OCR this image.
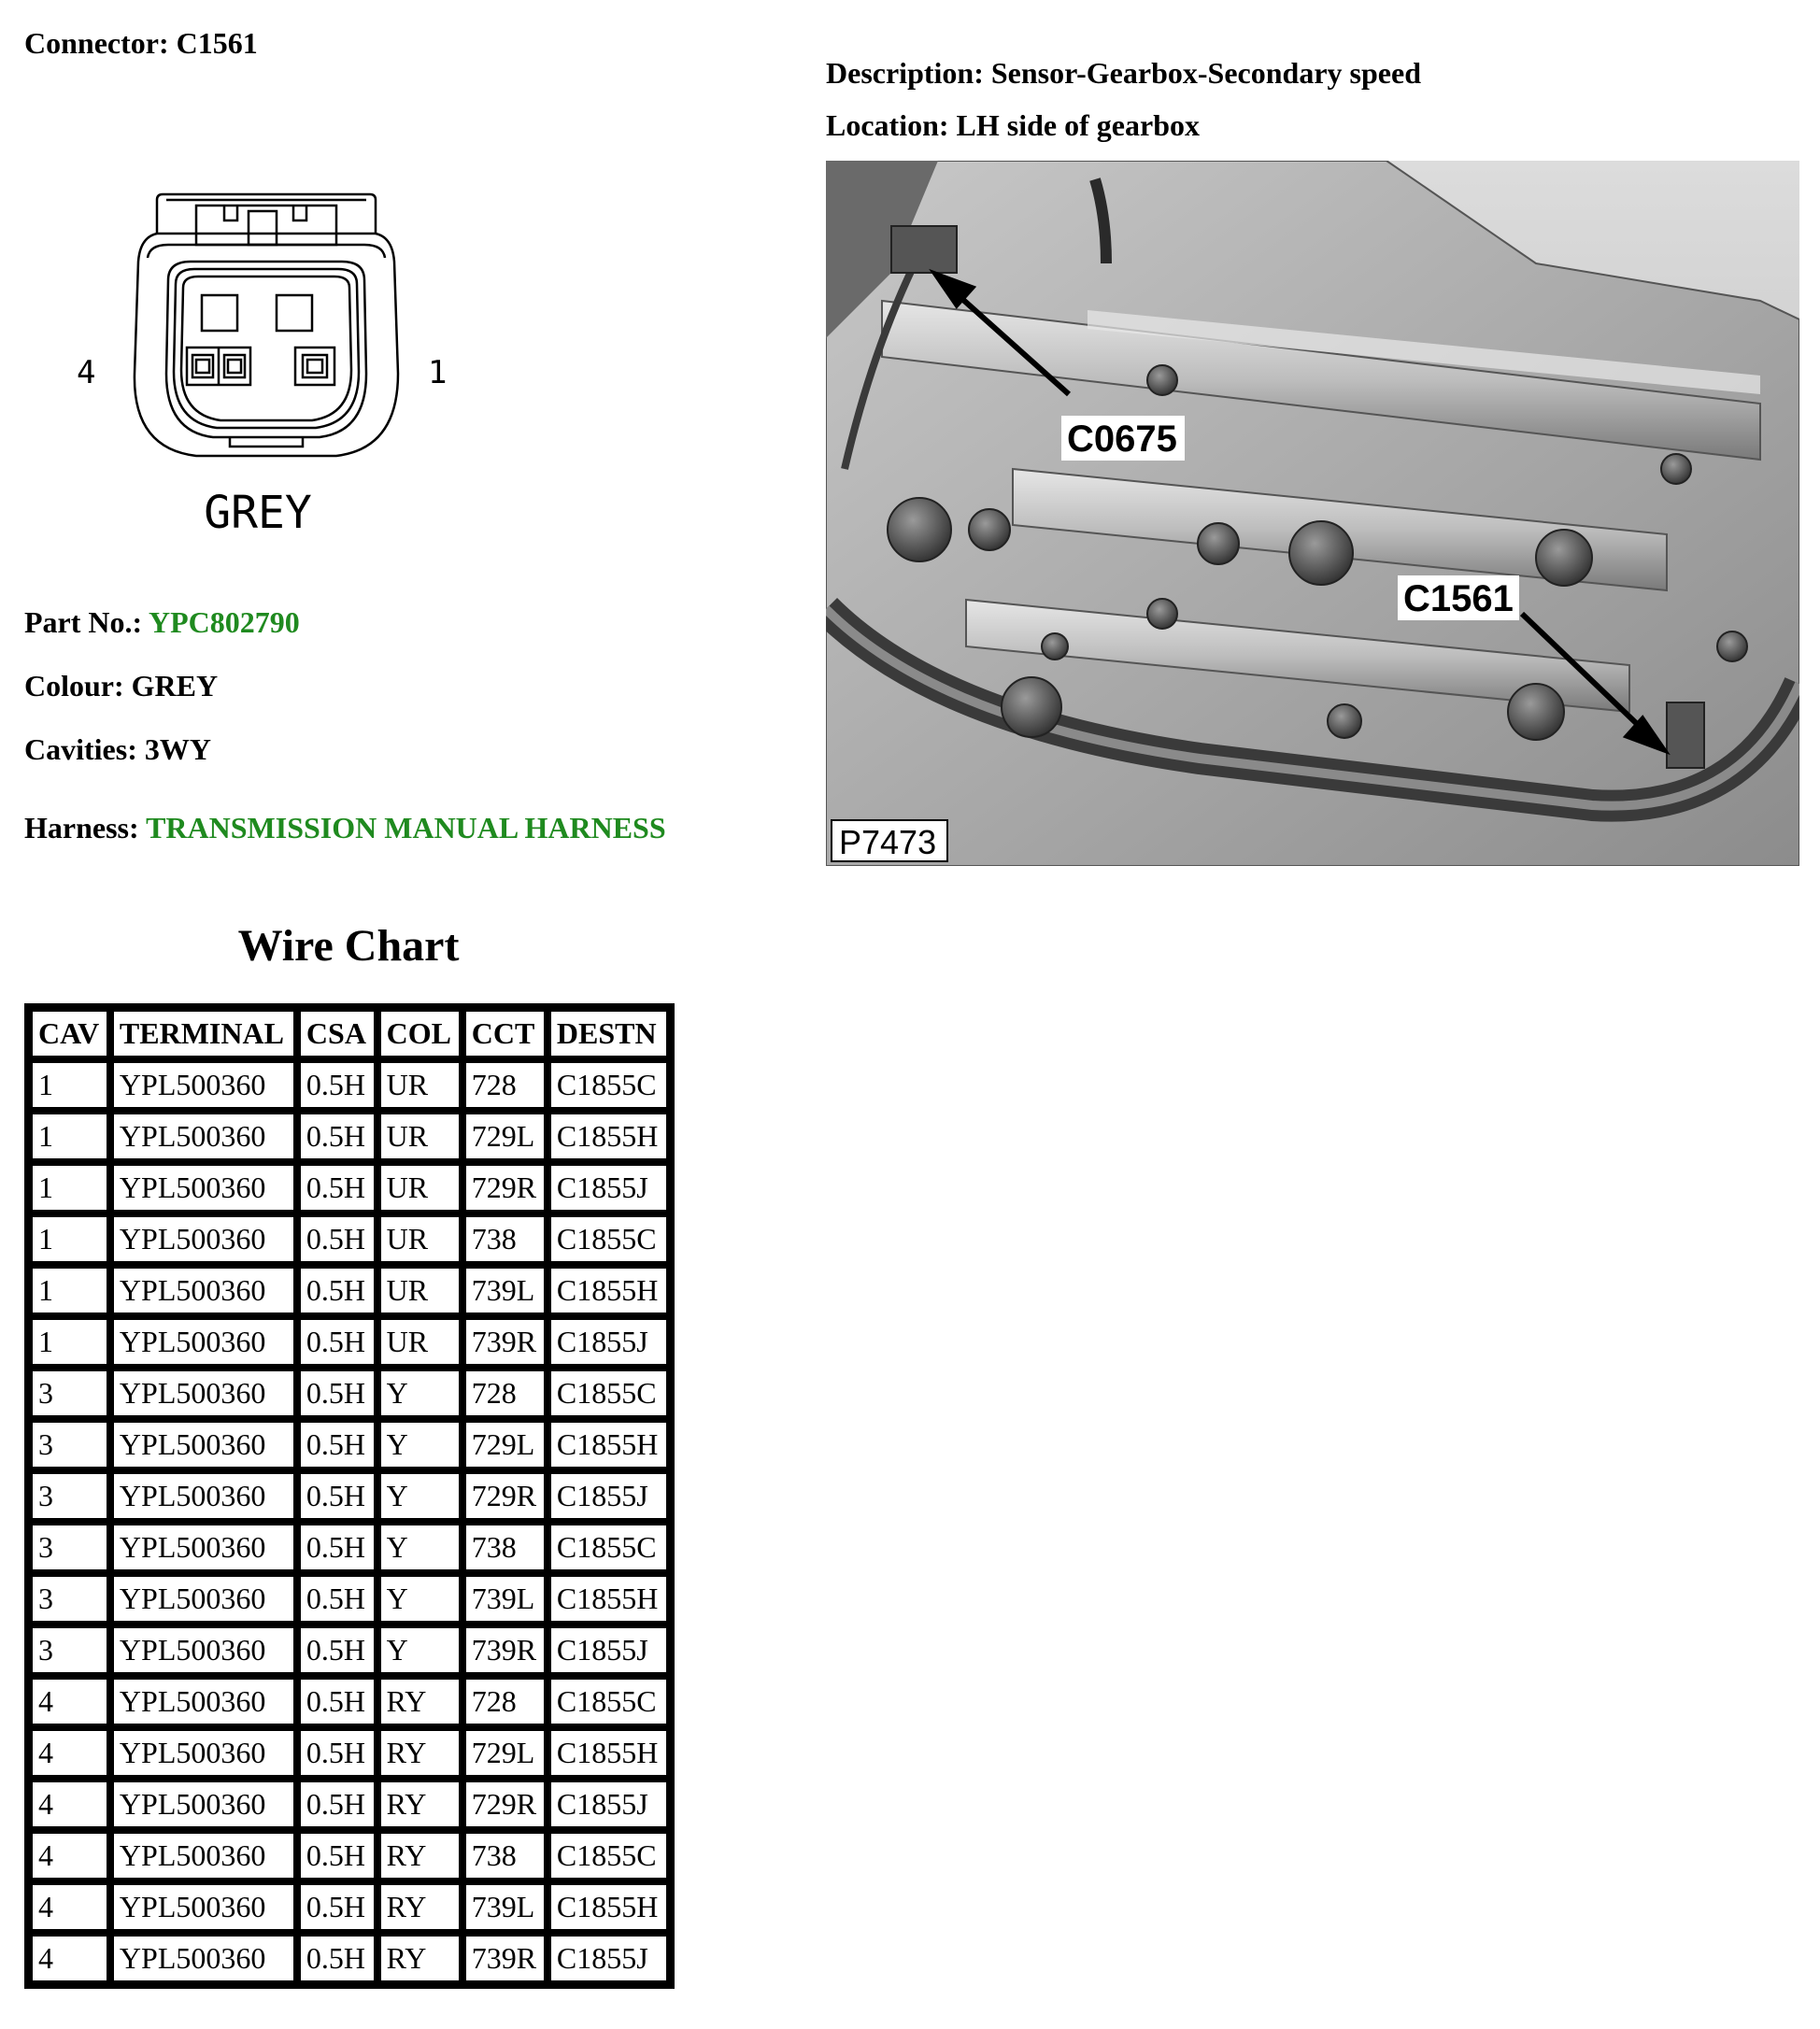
Connector: C1561
Description: Sensor-Gearbox-Secondary speed
Location: LH side of gearbox
4	1
GREY
C0675
C1561
P7473
Part No.: YPC802790
Colour: GREY
Cavities: 3WY
Harness: TRANSMISSION MANUAL HARNESS
Wire Chart
CAV	TERMINAL	CSA	COL	CCT	DESTN
1	YPL500360	0.5H	UR	728	C1855C
1	YPL500360	0.5H	UR	729L	C1855H
1	YPL500360	0.5H	UR	729R	C1855J
1	YPL500360	0.5H	UR	738	C1855C
1	YPL500360	0.5H	UR	739L	C1855H
1	YPL500360	0.5H	UR	739R	C1855J
3	YPL500360	0.5H	Y	728	C1855C
3	YPL500360	0.5H	Y	729L	C1855H
3	YPL500360	0.5H	Y	729R	C1855J
3	YPL500360	0.5H	Y	738	C1855C
3	YPL500360	0.5H	Y	739L	C1855H
3	YPL500360	0.5H	Y	739R	C1855J
4	YPL500360	0.5H	RY	728	C1855C
4	YPL500360	0.5H	RY	729L	C1855H
4	YPL500360	0.5H	RY	729R	C1855J
4	YPL500360	0.5H	RY	738	C1855C
4	YPL500360	0.5H	RY	739L	C1855H
4	YPL500360	0.5H	RY	739R	C1855J
